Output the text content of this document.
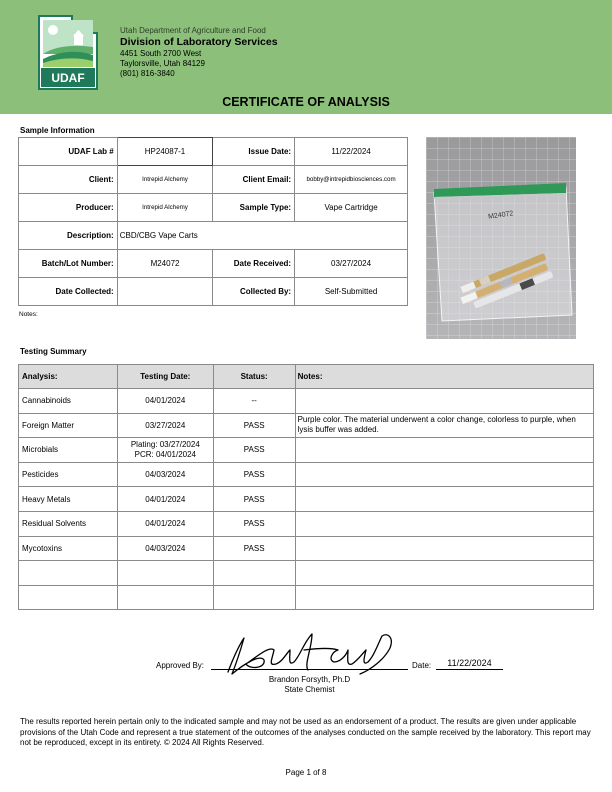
UDAF
Utah Department of Agriculture and Food
Division of Laboratory Services
4451 South 2700 West
Taylorsville, Utah 84129
(801) 816-3840
CERTIFICATE OF ANALYSIS
Sample Information
UDAF Lab #	HP24087-1	Issue Date:	11/22/2024
Client:	Intrepid Alchemy	Client Email:	bobby@intrepidbiosciences.com
Producer:	Intrepid Alchemy	Sample Type:	Vape Cartridge
Description:	CBD/CBG Vape Carts		
Batch/Lot Number:	M24072	Date Received:	03/27/2024
Date Collected:		Collected By:	Self-Submitted
Notes:
M24072
Testing Summary
Analysis:	Testing Date:	Status:	Notes:
Cannabinoids	04/01/2024	--	
Foreign Matter	03/27/2024	PASS	Purple color. The material underwent a color change, colorless to purple, when lysis buffer was added.
Microbials	Plating: 03/27/2024
PCR: 04/01/2024	PASS	
Pesticides	04/03/2024	PASS	
Heavy Metals	04/01/2024	PASS	
Residual Solvents	04/01/2024	PASS	
Mycotoxins	04/03/2024	PASS	

Approved By:
Brandon Forsyth, Ph.D
State Chemist
Date:	11/22/2024
The results reported herein pertain only to the indicated sample and may not be used as an endorsement of a product. The results are given under applicable provisions of the Utah Code and represent a true statement of the outcomes of the analyses conducted on the sample received by the laboratory. This report may not be reproduced, except in its entirety. © 2024 All Rights Reserved.
Page 1 of 8
